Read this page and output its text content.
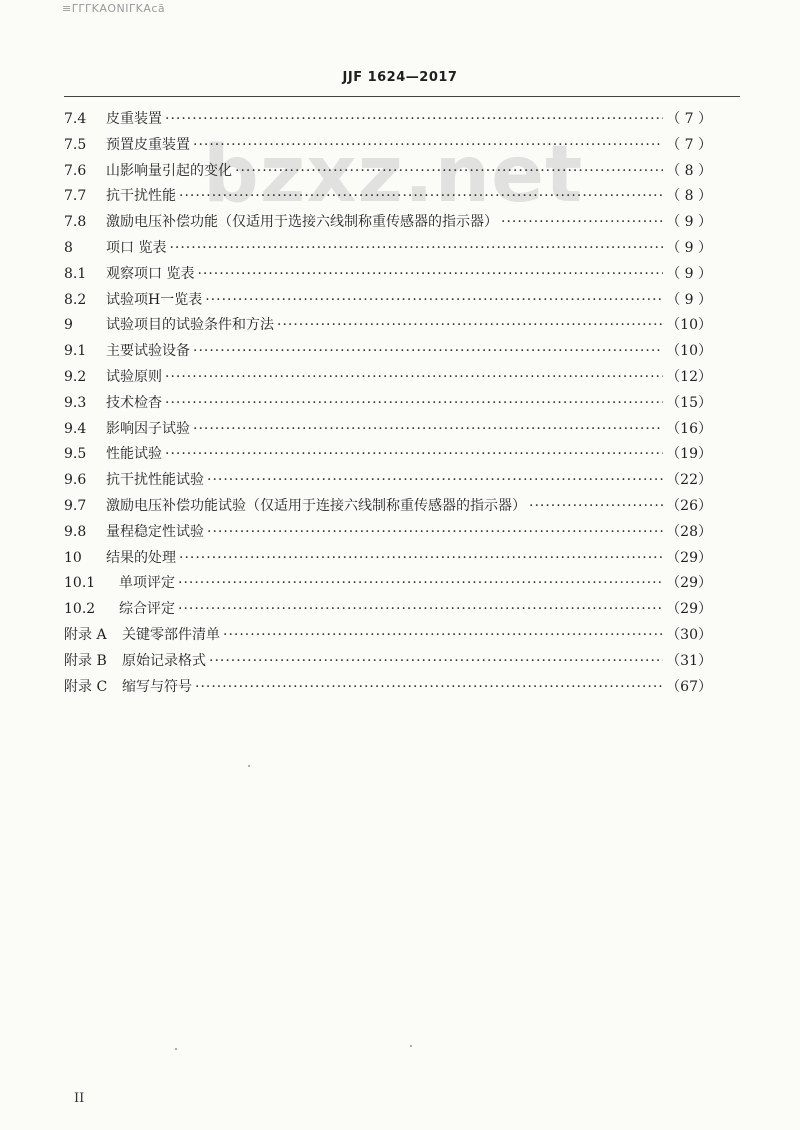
≡ΓΓΓΚΑΟΝΙΓΚΑcā
JJF 1624—2017
bzxz.net
7.4	皮重装置 ·····	（ 7 ）
7.5	预置皮重装置 ·····	（ 7 ）
7.6	山影响量引起的变化 ·····	（ 8 ）
7.7	抗干扰性能 ·····	（ 8 ）
7.8	激励电压补偿功能（仅适用于选接六线制称重传感器的指示器） ·····	（ 9 ）
8	项口 览表 ·····	（ 9 ）
8.1	观察项口 览表 ·····	（ 9 ）
8.2	试验项H一览表 ·····	（ 9 ）
9	试验项目的试验条件和方法 ·····	（10）
9.1	主要试验设备 ·····	（10）
9.2	试验原则 ·····	（12）
9.3	技术检杳 ·····	（15）
9.4	影响因子试验 ·····	（16）
9.5	性能试验 ·····	（19）
9.6	抗干扰性能试验 ·····	（22）
9.7	激励电压补偿功能试验（仅适用于连接六线制称重传感器的指示器） ·····	（26）
9.8	量程稳定性试验 ·····	（28）
10	结果的处理 ·····	（29）
10.1	单项评定 ·····	（29）
10.2	综合评定 ·····	（29）
附录 A	关键零部件清单 ·····	（30）
附录 B	原始记录格式 ·····	（31）
附录 C	缩写与符号 ·····	（67）
II
